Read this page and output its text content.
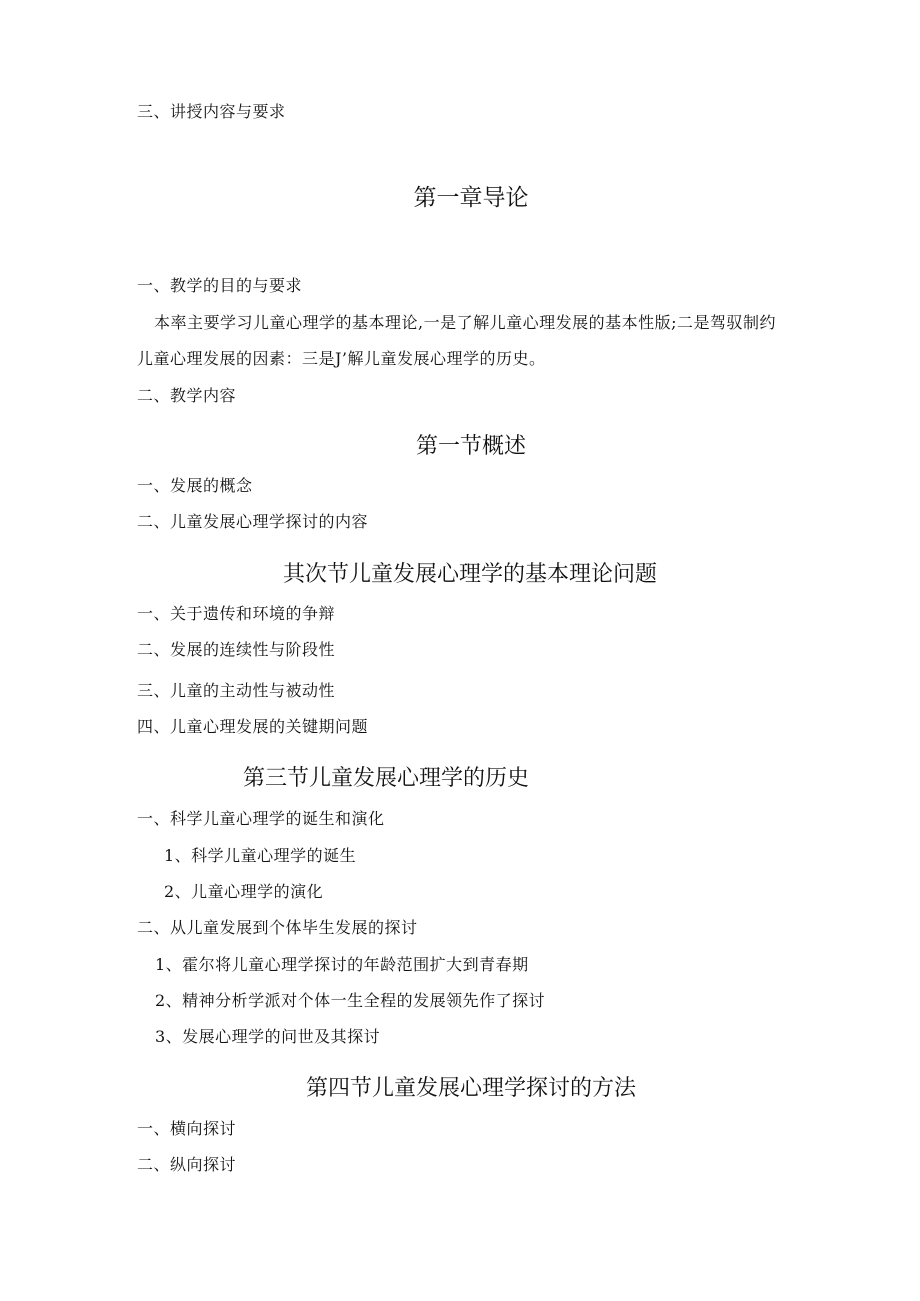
三、讲授内容与要求
第一章导论
一、教学的目的与要求
本率主要学习儿童心理学的基本理论,一是了解儿童心理发展的基本性版;二是驾驭制约
儿童心理发展的因素：三是J’解儿童发展心理学的历史。
二、教学内容
第一节概述
一、发展的概念
二、儿童发展心理学探讨的内容
其次节儿童发展心理学的基本理论问题
一、关于遗传和环境的争辩
二、发展的连续性与阶段性
三、儿童的主动性与被动性
四、儿童心理发展的关键期问题
第三节儿童发展心理学的历史
一、科学儿童心理学的诞生和演化
1、科学儿童心理学的诞生
2、儿童心理学的演化
二、从儿童发展到个体毕生发展的探讨
1、霍尔将儿童心理学探讨的年龄范围扩大到青春期
2、精神分析学派对个体一生全程的发展领先作了探讨
3、发展心理学的问世及其探讨
第四节儿童发展心理学探讨的方法
一、横向探讨
二、纵向探讨
